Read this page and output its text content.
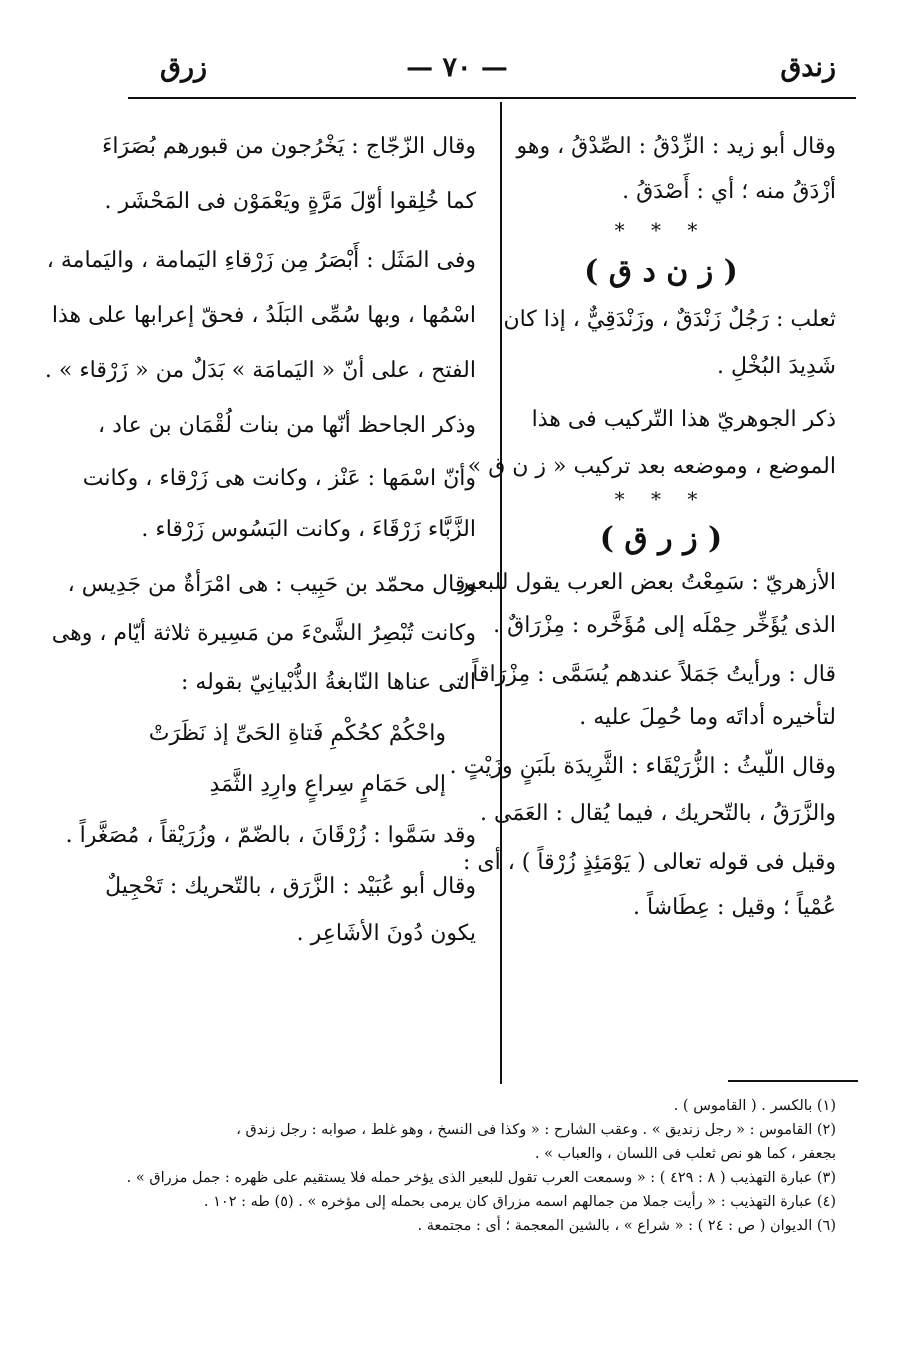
زندق
— ٧٠ —
زرق

وقال أبو زيد : الزِّدْقُ : الصِّدْقُ ، وهو

أزْدَقُ منه ؛ أي : أَصْدَقُ .

* * *

( ز ن د ق )

ثعلب : رَجُلٌ زَنْدَقٌ ، وزَنْدَقِيٌّ ، إذا كان

شَدِيدَ البُخْلِ .

ذكر الجوهريّ هذا التّركيب فى هذا

الموضع ، وموضعه بعد تركيب « ز ن ق » .

* * *

( ز ر ق )

الأزهريّ : سَمِعْتُ بعض العرب يقول للبعير

الذى يُؤَخِّر حِمْلَه إلى مُؤَخَّره : مِزْرَاقٌ .

قال : ورأيتُ جَمَلاً عندهم يُسَمَّى : مِزْرَاقاً ،

لتأخيره أداتَه وما حُمِلَ عليه .

وقال اللّيثُ : الزُّرَيْقَاء : الثَّرِيدَة بلَبَنٍ وزَيْتٍ .

والزَّرَقُ ، بالتّحريك ، فيما يُقال : العَمَى .

وقيل فى قوله تعالى ( يَوْمَئِذٍ زُرْقاً ) ، أى :

عُمْياً ؛ وقيل : عِطَاشاً .

وقال الزّجّاج : يَخْرُجون من قبورهم بُصَرَاءَ

كما خُلِقوا أوّلَ مَرَّةٍ ويَعْمَوْن فى المَحْشَر .

وفى المَثَل : أَبْصَرُ مِن زَرْقاءِ اليَمامة ، واليَمامة ،

اسْمُها ، وبها سُمِّى البَلَدُ ، فحقّ إعرابها على هذا

الفتح ، على أنّ « اليَمامَة » بَدَلٌ من « زَرْقاء » .

وذكر الجاحظ أنّها من بنات لُقْمَان بن عاد ،

وأنّ اسْمَها : عَنْز ، وكانت هى زَرْقاء ، وكانت

الزَّبَّاء زَرْقَاءَ ، وكانت البَسُوس زَرْقاء .

وقال محمّد بن حَبِيب : هى امْرَأةٌ من جَدِيس ،

وكانت تُبْصِرُ الشَّىْءَ من مَسِيرة ثلاثة أيّام ، وهى

التى عناها النّابغةُ الذُّبْيانِيّ بقوله :

واحْكُمْ كحُكْمِ فَتاةِ الحَىِّ إذ نَظَرَتْ

إلى حَمَامٍ سِراعٍ وارِدِ الثَّمَدِ

وقد سَمَّوا : زُرْقَانَ ، بالضّمّ ، وزُرَيْقاً ، مُصَغَّراً .

وقال أبو عُبَيْد : الزَّرَق ، بالتّحريك : تَحْجِيلٌ

يكون دُونَ الأشَاعِر .

(١) بالكسر . ( القاموس ) .

(٢) القاموس : « رجل زنديق » . وعقب الشارح : « وكذا فى النسخ ، وهو غلط ، صوابه : رجل زندق ،

بجعفر ، كما هو نص ثعلب فى اللسان ، والعباب » .

(٣) عبارة التهذيب ( ٨ : ٤٢٩ ) : « وسمعت العرب تقول للبعير الذى يؤخر حمله فلا يستقيم على ظهره : جمل مزراق » .

(٤) عبارة التهذيب : « رأيت جملا من جمالهم اسمه مزراق كان يرمى بحمله إلى مؤخره » . (٥) طه : ١٠٢ .

(٦) الديوان ( ص : ٢٤ ) : « شراع » ، بالشين المعجمة ؛ أى : مجتمعة .
